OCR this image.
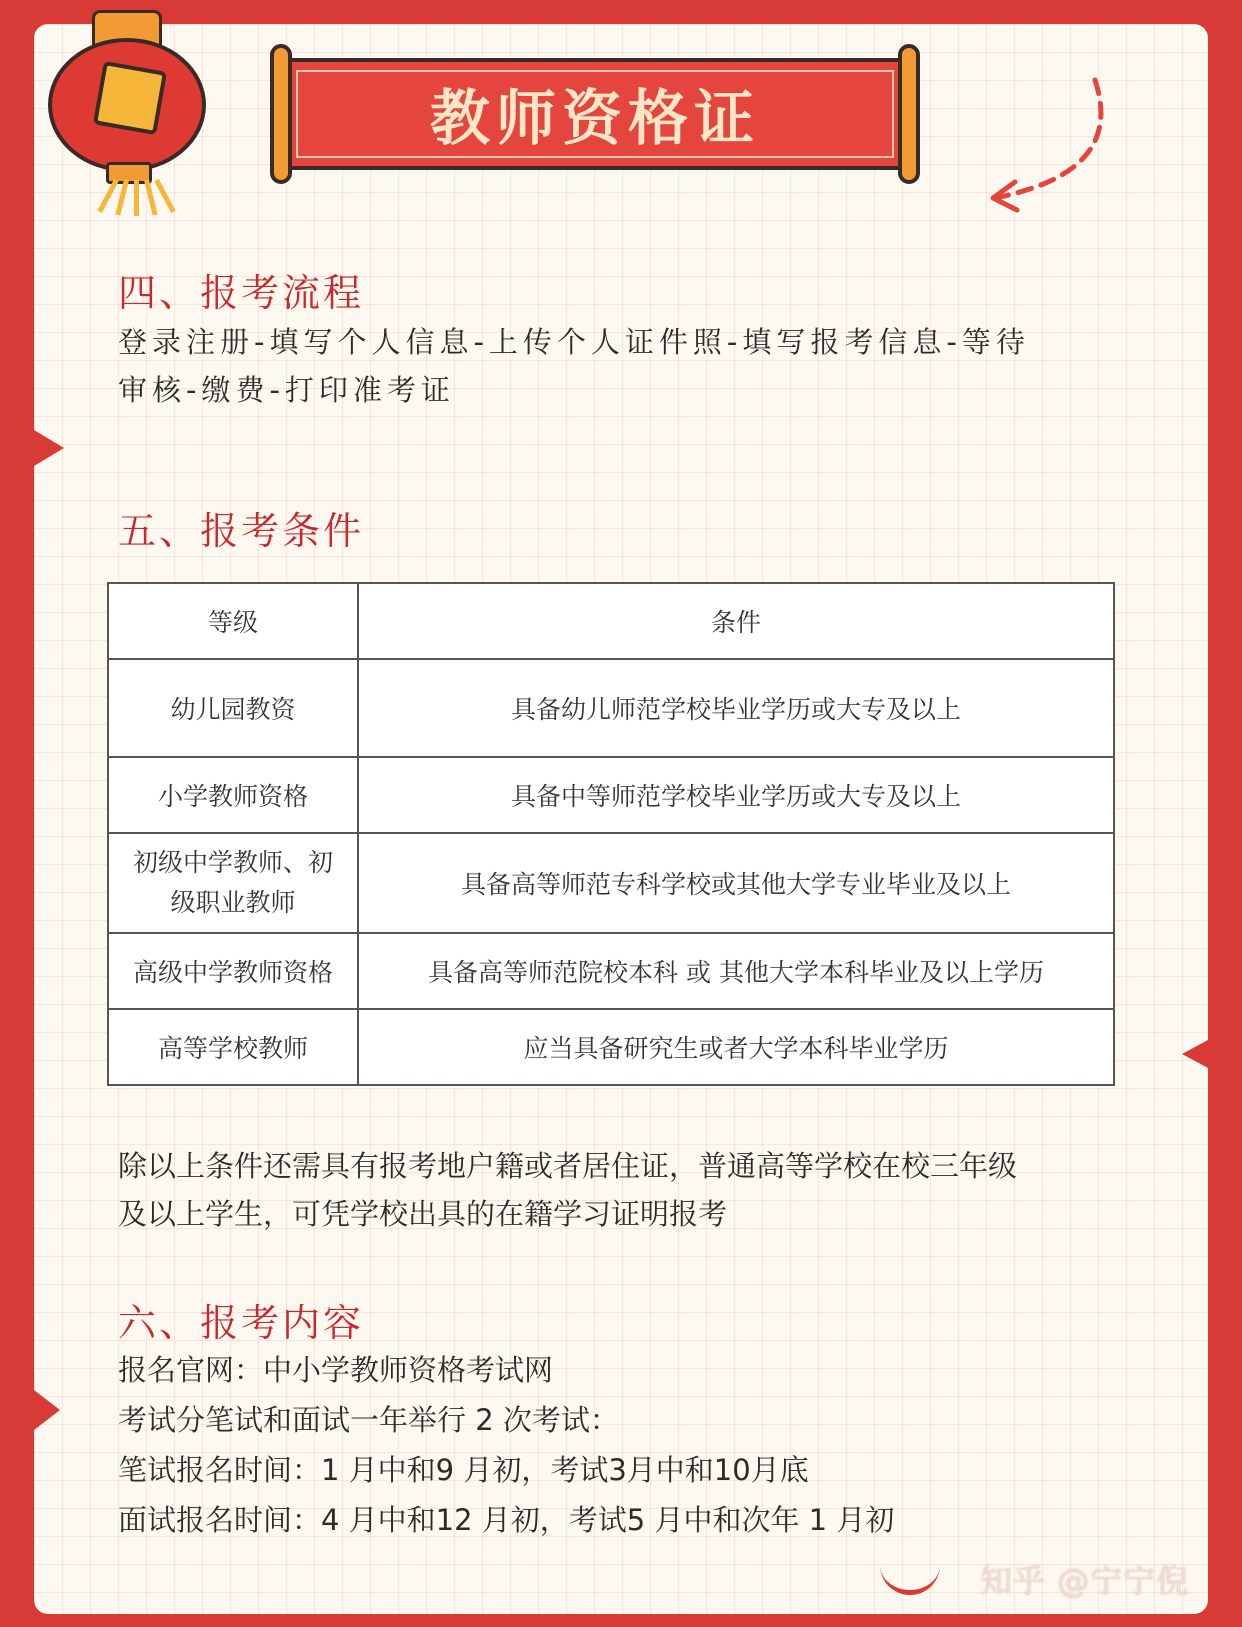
教师资格证
四、报考流程
登录注册-填写个人信息-上传个人证件照-填写报考信息-等待
审核-缴费-打印准考证
五、报考条件
等级	条件
幼儿园教资	具备幼儿师范学校毕业学历或大专及以上
小学教师资格	具备中等师范学校毕业学历或大专及以上
初级中学教师、初
级职业教师	具备高等师范专科学校或其他大学专业毕业及以上
高级中学教师资格	具备高等师范院校本科 或 其他大学本科毕业及以上学历
高等学校教师	应当具备研究生或者大学本科毕业学历
除以上条件还需具有报考地户籍或者居住证，普通高等学校在校三年级
及以上学生，可凭学校出具的在籍学习证明报考
六、报考内容
报名官网：中小学教师资格考试网
考试分笔试和面试一年举行 2 次考试：
笔试报名时间：1 月中和9 月初，考试3月中和10月底
面试报名时间：4 月中和12 月初，考试5 月中和次年 1 月初
知乎 @宁宁倪
